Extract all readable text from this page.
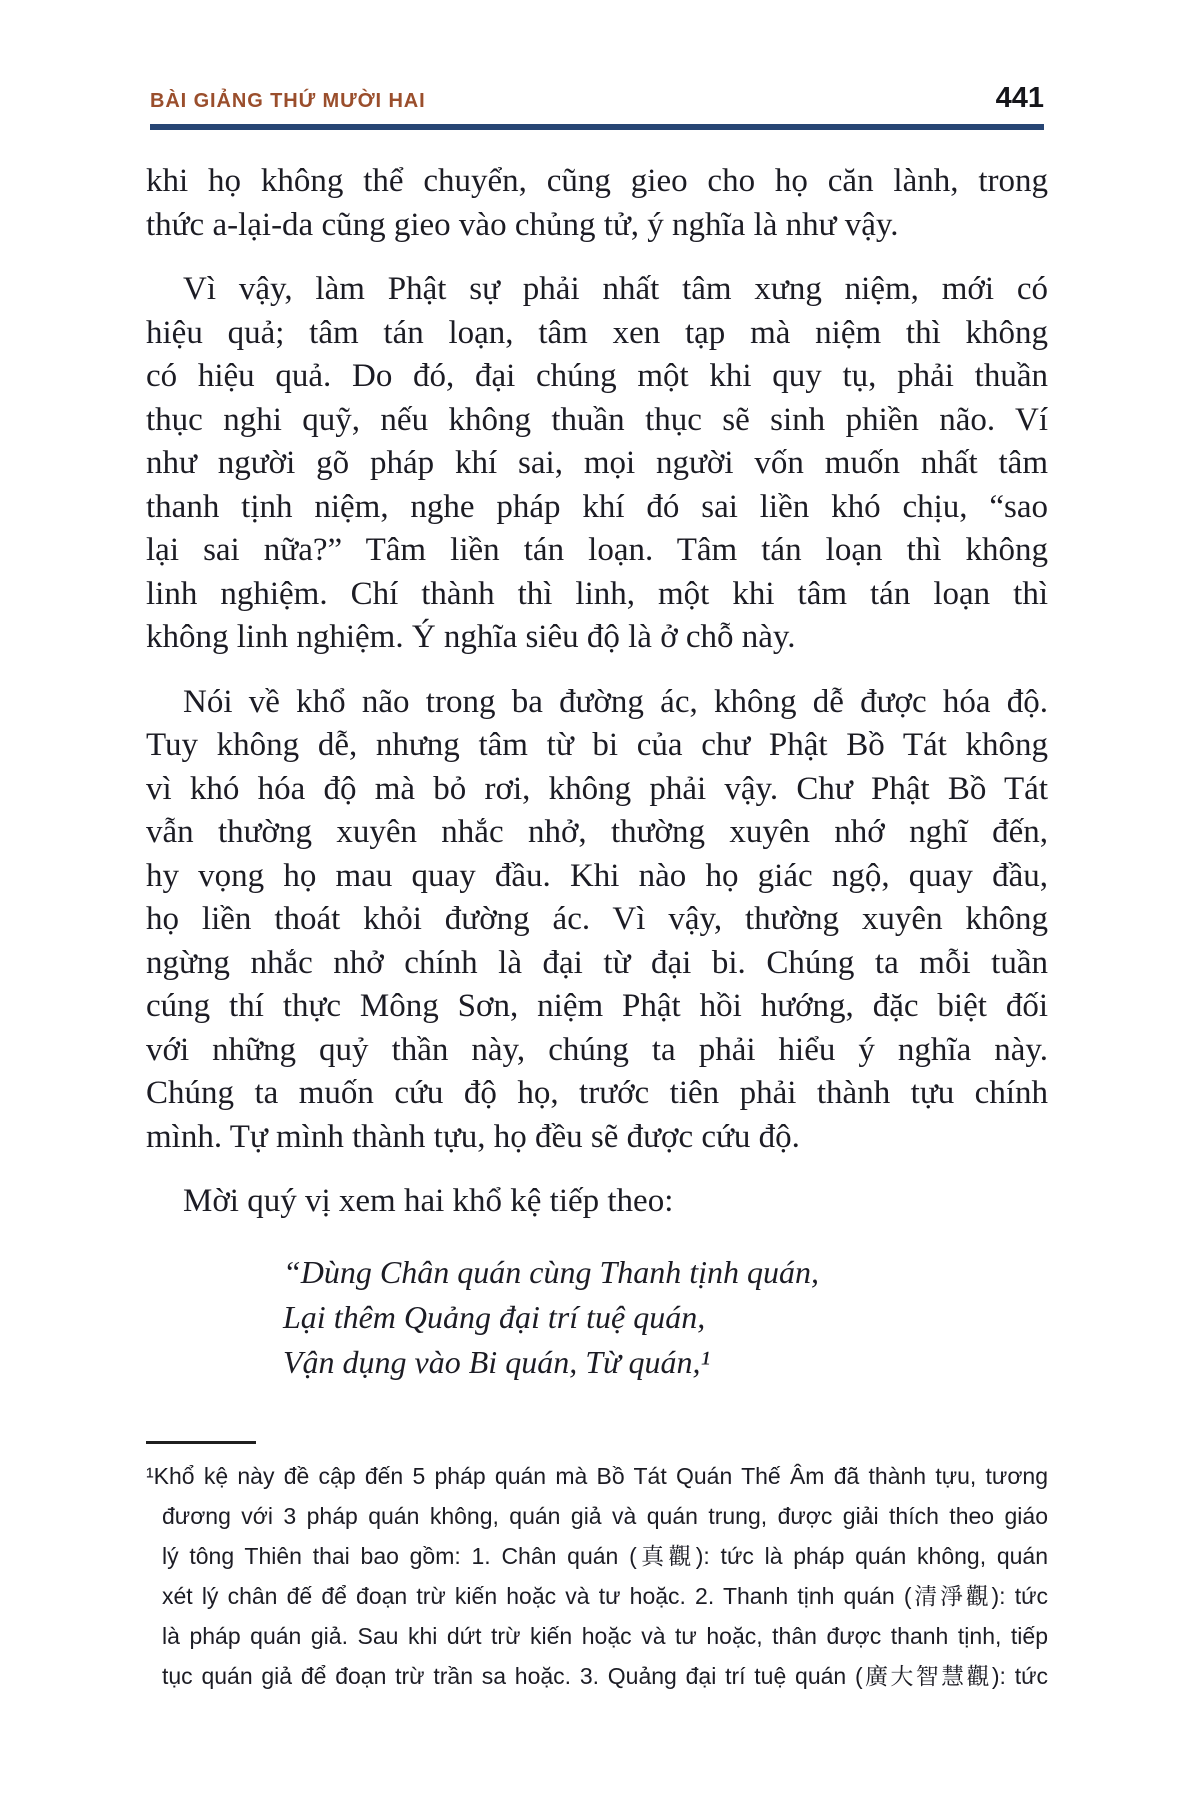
BÀI GIẢNG THỨ MƯỜI HAI	441
khi họ không thể chuyển, cũng gieo cho họ căn lành, trong
thức a-lại-da cũng gieo vào chủng tử, ý nghĩa là như vậy.
Vì vậy, làm Phật sự phải nhất tâm xưng niệm, mới có
hiệu quả; tâm tán loạn, tâm xen tạp mà niệm thì không
có hiệu quả. Do đó, đại chúng một khi quy tụ, phải thuần
thục nghi quỹ, nếu không thuần thục sẽ sinh phiền não. Ví
như người gõ pháp khí sai, mọi người vốn muốn nhất tâm
thanh tịnh niệm, nghe pháp khí đó sai liền khó chịu, “sao
lại sai nữa?” Tâm liền tán loạn. Tâm tán loạn thì không
linh nghiệm. Chí thành thì linh, một khi tâm tán loạn thì
không linh nghiệm. Ý nghĩa siêu độ là ở chỗ này.
Nói về khổ não trong ba đường ác, không dễ được hóa độ.
Tuy không dễ, nhưng tâm từ bi của chư Phật Bồ Tát không
vì khó hóa độ mà bỏ rơi, không phải vậy. Chư Phật Bồ Tát
vẫn thường xuyên nhắc nhở, thường xuyên nhớ nghĩ đến,
hy vọng họ mau quay đầu. Khi nào họ giác ngộ, quay đầu,
họ liền thoát khỏi đường ác. Vì vậy, thường xuyên không
ngừng nhắc nhở chính là đại từ đại bi. Chúng ta mỗi tuần
cúng thí thực Mông Sơn, niệm Phật hồi hướng, đặc biệt đối
với những quỷ thần này, chúng ta phải hiểu ý nghĩa này.
Chúng ta muốn cứu độ họ, trước tiên phải thành tựu chính
mình. Tự mình thành tựu, họ đều sẽ được cứu độ.
Mời quý vị xem hai khổ kệ tiếp theo:
“Dùng Chân quán cùng Thanh tịnh quán,
Lại thêm Quảng đại trí tuệ quán,
Vận dụng vào Bi quán, Từ quán,¹
¹Khổ kệ này đề cập đến 5 pháp quán mà Bồ Tát Quán Thế Âm đã thành tựu, tương
đương với 3 pháp quán không, quán giả và quán trung, được giải thích theo giáo
lý tông Thiên thai bao gồm: 1. Chân quán (真觀): tức là pháp quán không, quán
xét lý chân đế để đoạn trừ kiến hoặc và tư hoặc. 2. Thanh tịnh quán (清淨觀): tức
là pháp quán giả. Sau khi dứt trừ kiến hoặc và tư hoặc, thân được thanh tịnh, tiếp
tục quán giả để đoạn trừ trần sa hoặc. 3. Quảng đại trí tuệ quán (廣大智慧觀): tức
